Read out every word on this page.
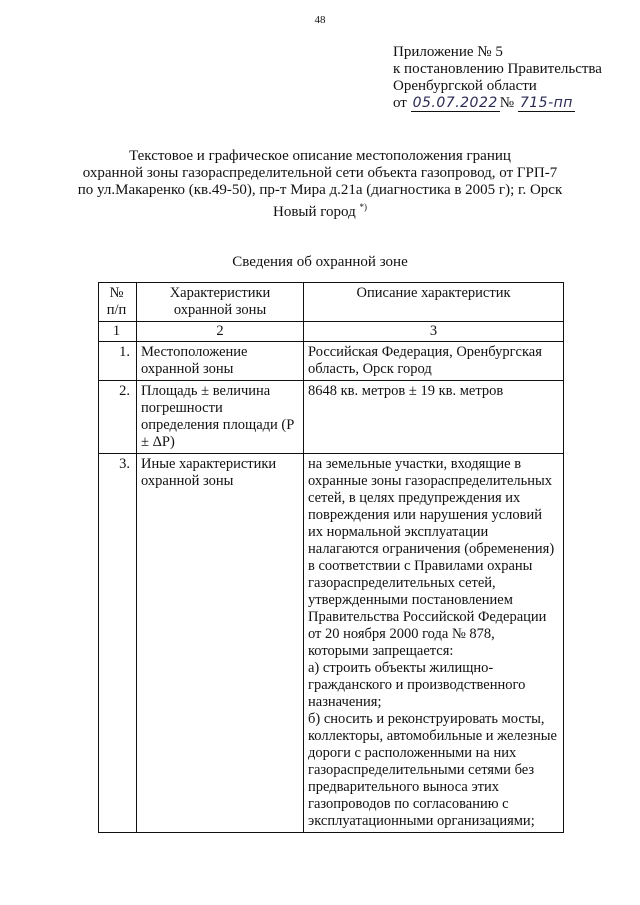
48
Приложение № 5
к постановлению Правительства
Оренбургской области
от 05.07.2022 № 715-пп
Текстовое и графическое описание местоположения границ
охранной зоны газораспределительной сети объекта газопровод, от ГРП-7
по ул.Макаренко (кв.49-50), пр-т Мира д.21а (диагностика в 2005 г); г. Орск
Новый город *)
Сведения об охранной зоне
№ п/п	Характеристики охранной зоны	Описание характеристик
1	2	3
1.	Местоположение охранной зоны	Российская Федерация, Оренбургская область, Орск город
2.	Площадь ± величина погрешности определения площади (P ± ΔP)	8648 кв. метров ± 19 кв. метров
3.	Иные характеристики охранной зоны	на земельные участки, входящие в охранные зоны газораспределительных сетей, в целях предупреждения их повреждения или нарушения условий их нормальной эксплуатации налагаются ограничения (обременения) в соответствии с Правилами охраны газораспределительных сетей, утвержденными постановлением Правительства Российской Федерации от 20 ноября 2000 года № 878, которыми запрещается:
а) строить объекты жилищно-гражданского и производственного назначения;
б) сносить и реконструировать мосты, коллекторы, автомобильные и железные дороги с расположенными на них газораспределительными сетями без предварительного выноса этих газопроводов по согласованию с эксплуатационными организациями;
